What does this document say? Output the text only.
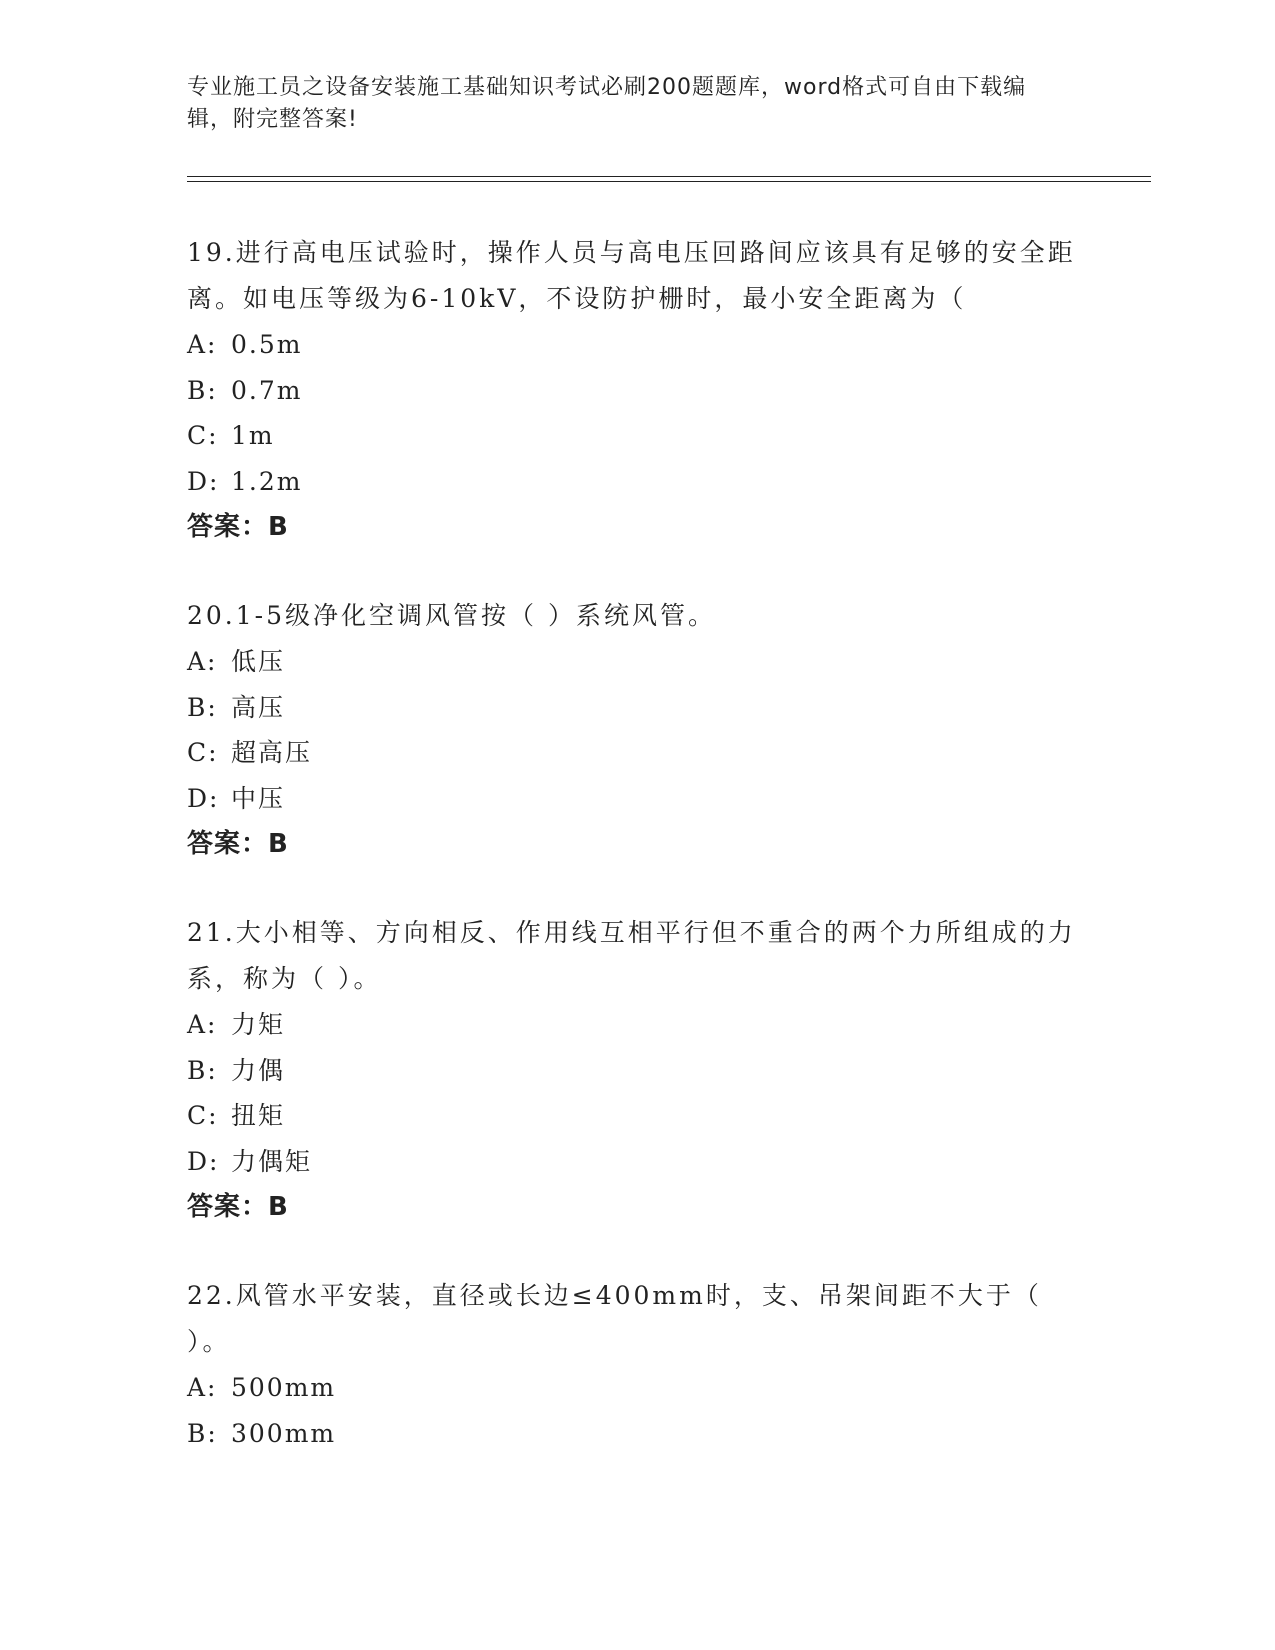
专业施工员之设备安装施工基础知识考试必刷200题题库，word格式可自由下载编辑，附完整答案!
19.进行高电压试验时，操作人员与高电压回路间应该具有足够的安全距离。如电压等级为6-10kV，不设防护栅时，最小安全距离为（
A: 0.5m
B: 0.7m
C: 1m
D: 1.2m
答案：B
20.1-5级净化空调风管按（ ）系统风管。
A: 低压
B: 高压
C: 超高压
D: 中压
答案：B
21.大小相等、方向相反、作用线互相平行但不重合的两个力所组成的力系，称为（ ）。
A: 力矩
B: 力偶
C: 扭矩
D: 力偶矩
答案：B
22.风管水平安装，直径或长边≤400mm时，支、吊架间距不大于（ ）。
A: 500mm
B: 300mm
